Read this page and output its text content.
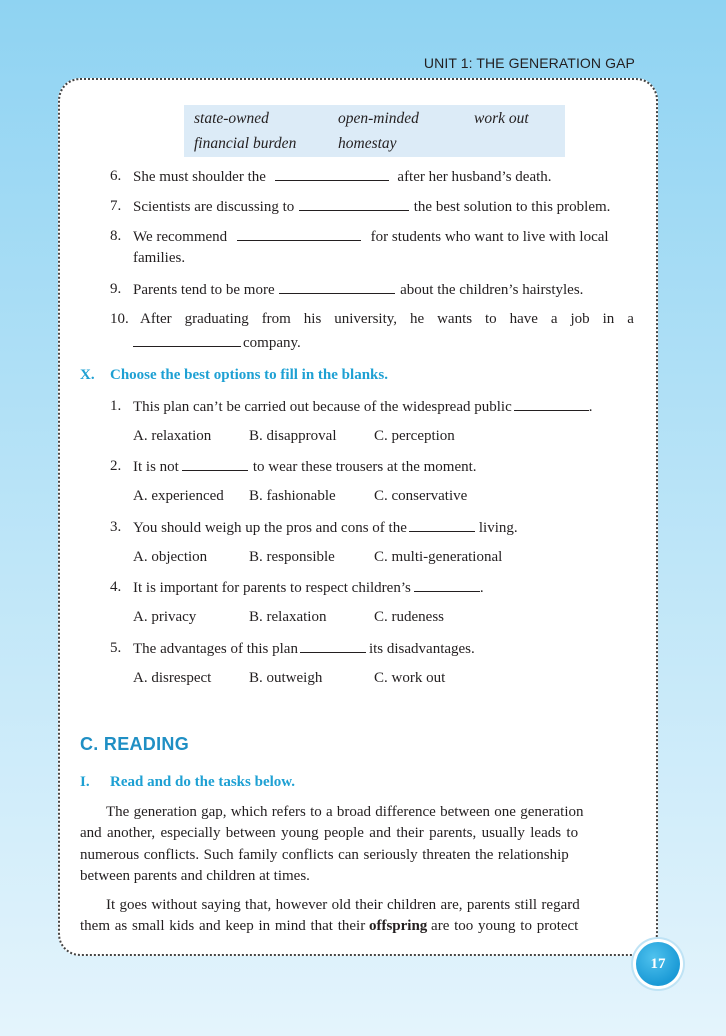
UNIT 1: THE GENERATION GAP
state-owned	open-minded	work out
financial burden	homestay
6. She must shoulder the	after her husband’s death.
7. Scientists are discussing to	the best solution to this problem.
8. We recommend	for students who want to live with local
families.
9. Parents tend to be more	about the children’s hairstyles.
10. After graduating from his university, he wants to have a job in a
company.
X. Choose the best options to fill in the blanks.
1. This plan can’t be carried out because of the widespread public	.
A. relaxation	B. disapproval	C. perception
2. It is not	to wear these trousers at the moment.
A. experienced B. fashionable	C. conservative
3. You should weigh up the pros and cons of the	living.
A. objection	B. responsible	C. multi-generational
4. It is important for parents to respect children’s	.
A. privacy	B. relaxation	C. rudeness
5. The advantages of this plan	its disadvantages.
A. disrespect	B. outweigh	C. work out
C. READING
I. Read and do the tasks below.
The generation gap, which refers to a broad difference between one generation
and another, especially between young people and their parents, usually leads to
numerous conflicts. Such family conflicts can seriously threaten the relationship
between parents and children at times.
It goes without saying that, however old their children are, parents still regard
them as small kids and keep in mind that their offspring are too young to protect
17
